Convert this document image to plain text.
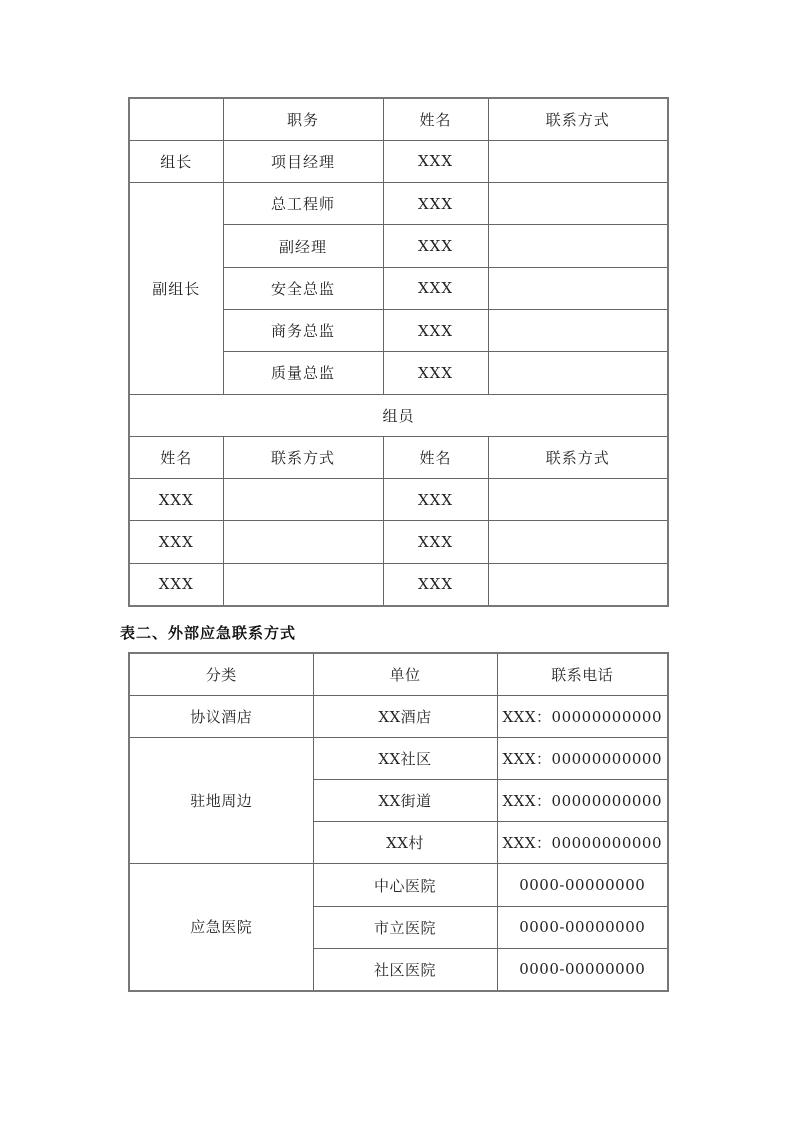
	职务	姓名	联系方式
组长	项目经理	XXX	
副组长	总工程师	XXX	
	副经理	XXX	
	安全总监	XXX	
	商务总监	XXX	
	质量总监	XXX	
组员			
姓名	联系方式	姓名	联系方式
XXX		XXX	
XXX		XXX	
XXX		XXX	
表二、外部应急联系方式
分类	单位	联系电话
协议酒店	XX酒店	XXX：00000000000
驻地周边	XX社区	XXX：00000000000
	XX街道	XXX：00000000000
	XX村	XXX：00000000000
应急医院	中心医院	0000-00000000
	市立医院	0000-00000000
	社区医院	0000-00000000
